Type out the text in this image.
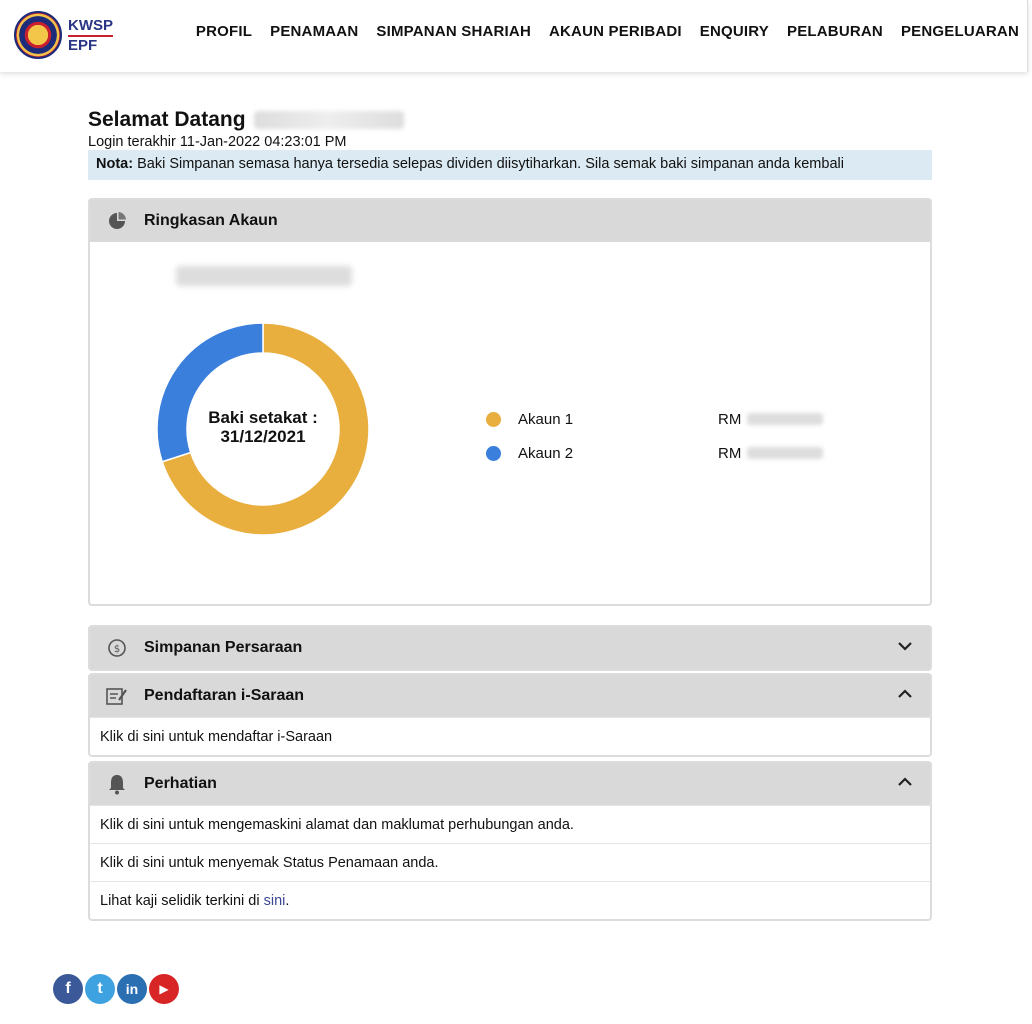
KWSP
EPF
PROFIL PENAMAAN SIMPANAN SHARIAH AKAUN PERIBADI ENQUIRY PELABURAN PENGELUARAN
Selamat Datang
Login terakhir 11-Jan-2022 04:23:01 PM
Nota: Baki Simpanan semasa hanya tersedia selepas dividen diisytiharkan. Sila semak baki simpanan anda kembali
Ringkasan Akaun
Baki setakat :
31/12/2021
Akaun 1	RM
Akaun 2	RM
$ Simpanan Persaraan
Pendaftaran i-Saraan
Klik di sini untuk mendaftar i-Saraan
Perhatian
Klik di sini untuk mengemaskini alamat dan maklumat perhubungan anda.
Klik di sini untuk menyemak Status Penamaan anda.
Lihat kaji selidik terkini di
sini .
f	t	in	▶
